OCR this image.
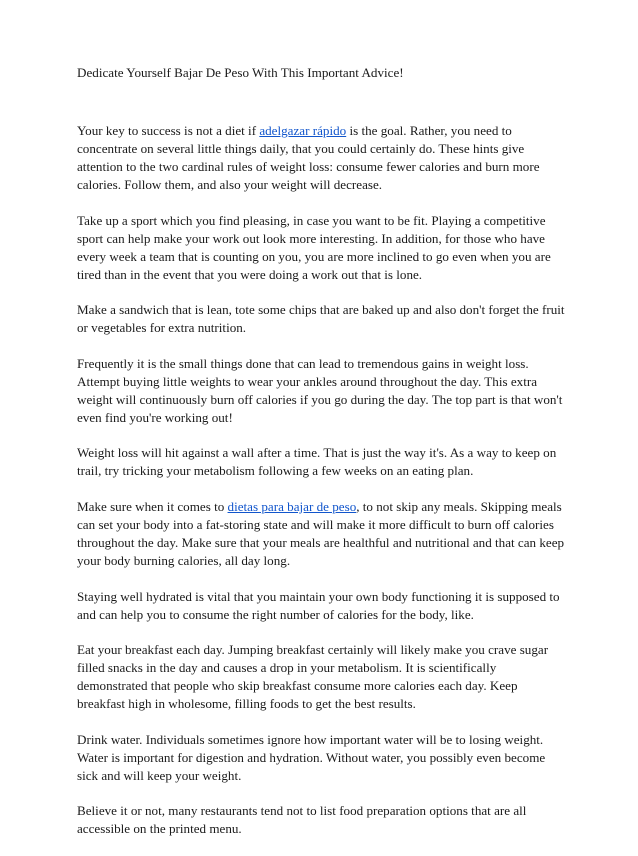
Dedicate Yourself Bajar De Peso With This Important Advice!

Your key to success is not a diet if adelgazar rápido is the goal. Rather, you need to concentrate on several little things daily, that you could certainly do. These hints give attention to the two cardinal rules of weight loss: consume fewer calories and burn more calories. Follow them, and also your weight will decrease.

Take up a sport which you find pleasing, in case you want to be fit. Playing a competitive sport can help make your work out look more interesting. In addition, for those who have every week a team that is counting on you, you are more inclined to go even when you are tired than in the event that you were doing a work out that is lone.

Make a sandwich that is lean, tote some chips that are baked up and also don't forget the fruit or vegetables for extra nutrition.

Frequently it is the small things done that can lead to tremendous gains in weight loss. Attempt buying little weights to wear your ankles around throughout the day. This extra weight will continuously burn off calories if you go during the day. The top part is that won't even find you're working out!

Weight loss will hit against a wall after a time. That is just the way it's. As a way to keep on trail, try tricking your metabolism following a few weeks on an eating plan.

Make sure when it comes to dietas para bajar de peso, to not skip any meals. Skipping meals can set your body into a fat-storing state and will make it more difficult to burn off calories throughout the day. Make sure that your meals are healthful and nutritional and that can keep your body burning calories, all day long.

Staying well hydrated is vital that you maintain your own body functioning it is supposed to and can help you to consume the right number of calories for the body, like.

Eat your breakfast each day. Jumping breakfast certainly will likely make you crave sugar filled snacks in the day and causes a drop in your metabolism. It is scientifically demonstrated that people who skip breakfast consume more calories each day. Keep breakfast high in wholesome, filling foods to get the best results.

Drink water. Individuals sometimes ignore how important water will be to losing weight. Water is important for digestion and hydration. Without water, you possibly even become sick and will keep your weight.

Believe it or not, many restaurants tend not to list food preparation options that are all accessible on the printed menu.
